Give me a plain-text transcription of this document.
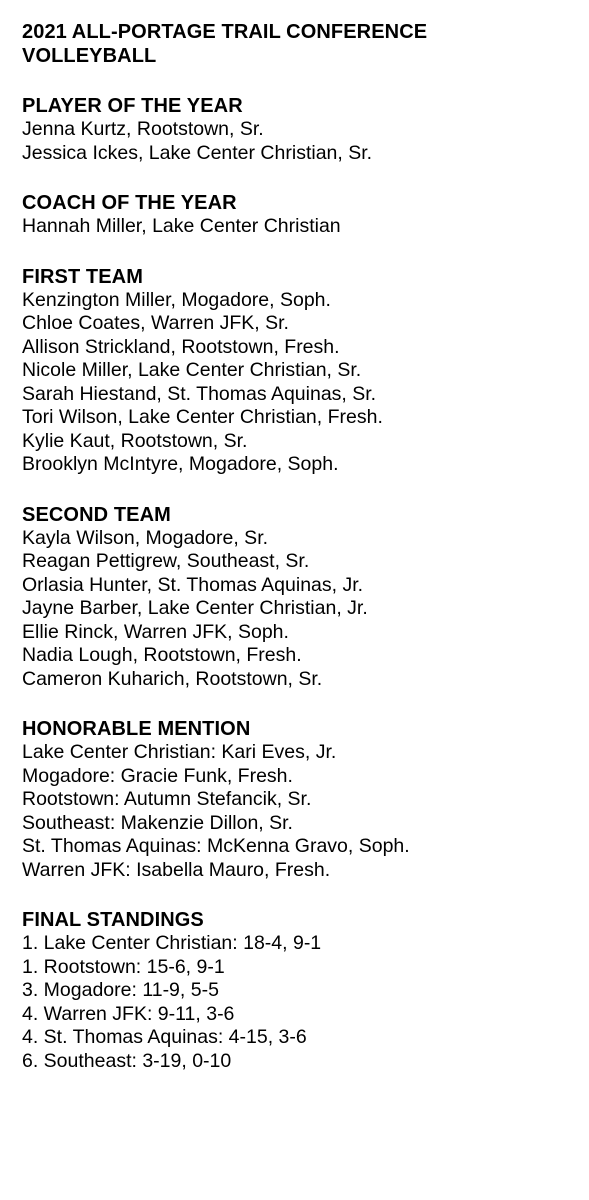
2021 ALL-PORTAGE TRAIL CONFERENCE
VOLLEYBALL
PLAYER OF THE YEAR
Jenna Kurtz, Rootstown, Sr.
Jessica Ickes, Lake Center Christian, Sr.
COACH OF THE YEAR
Hannah Miller, Lake Center Christian
FIRST TEAM
Kenzington Miller, Mogadore, Soph.
Chloe Coates, Warren JFK, Sr.
Allison Strickland, Rootstown, Fresh.
Nicole Miller, Lake Center Christian, Sr.
Sarah Hiestand, St. Thomas Aquinas, Sr.
Tori Wilson, Lake Center Christian, Fresh.
Kylie Kaut, Rootstown, Sr.
Brooklyn McIntyre, Mogadore, Soph.
SECOND TEAM
Kayla Wilson, Mogadore, Sr.
Reagan Pettigrew, Southeast, Sr.
Orlasia Hunter, St. Thomas Aquinas, Jr.
Jayne Barber, Lake Center Christian, Jr.
Ellie Rinck, Warren JFK, Soph.
Nadia Lough, Rootstown, Fresh.
Cameron Kuharich, Rootstown, Sr.
HONORABLE MENTION
Lake Center Christian: Kari Eves, Jr.
Mogadore: Gracie Funk, Fresh.
Rootstown: Autumn Stefancik, Sr.
Southeast: Makenzie Dillon, Sr.
St. Thomas Aquinas: McKenna Gravo, Soph.
Warren JFK: Isabella Mauro, Fresh.
FINAL STANDINGS
1. Lake Center Christian: 18-4, 9-1
1. Rootstown: 15-6, 9-1
3. Mogadore: 11-9, 5-5
4. Warren JFK: 9-11, 3-6
4. St. Thomas Aquinas: 4-15, 3-6
6. Southeast: 3-19, 0-10
